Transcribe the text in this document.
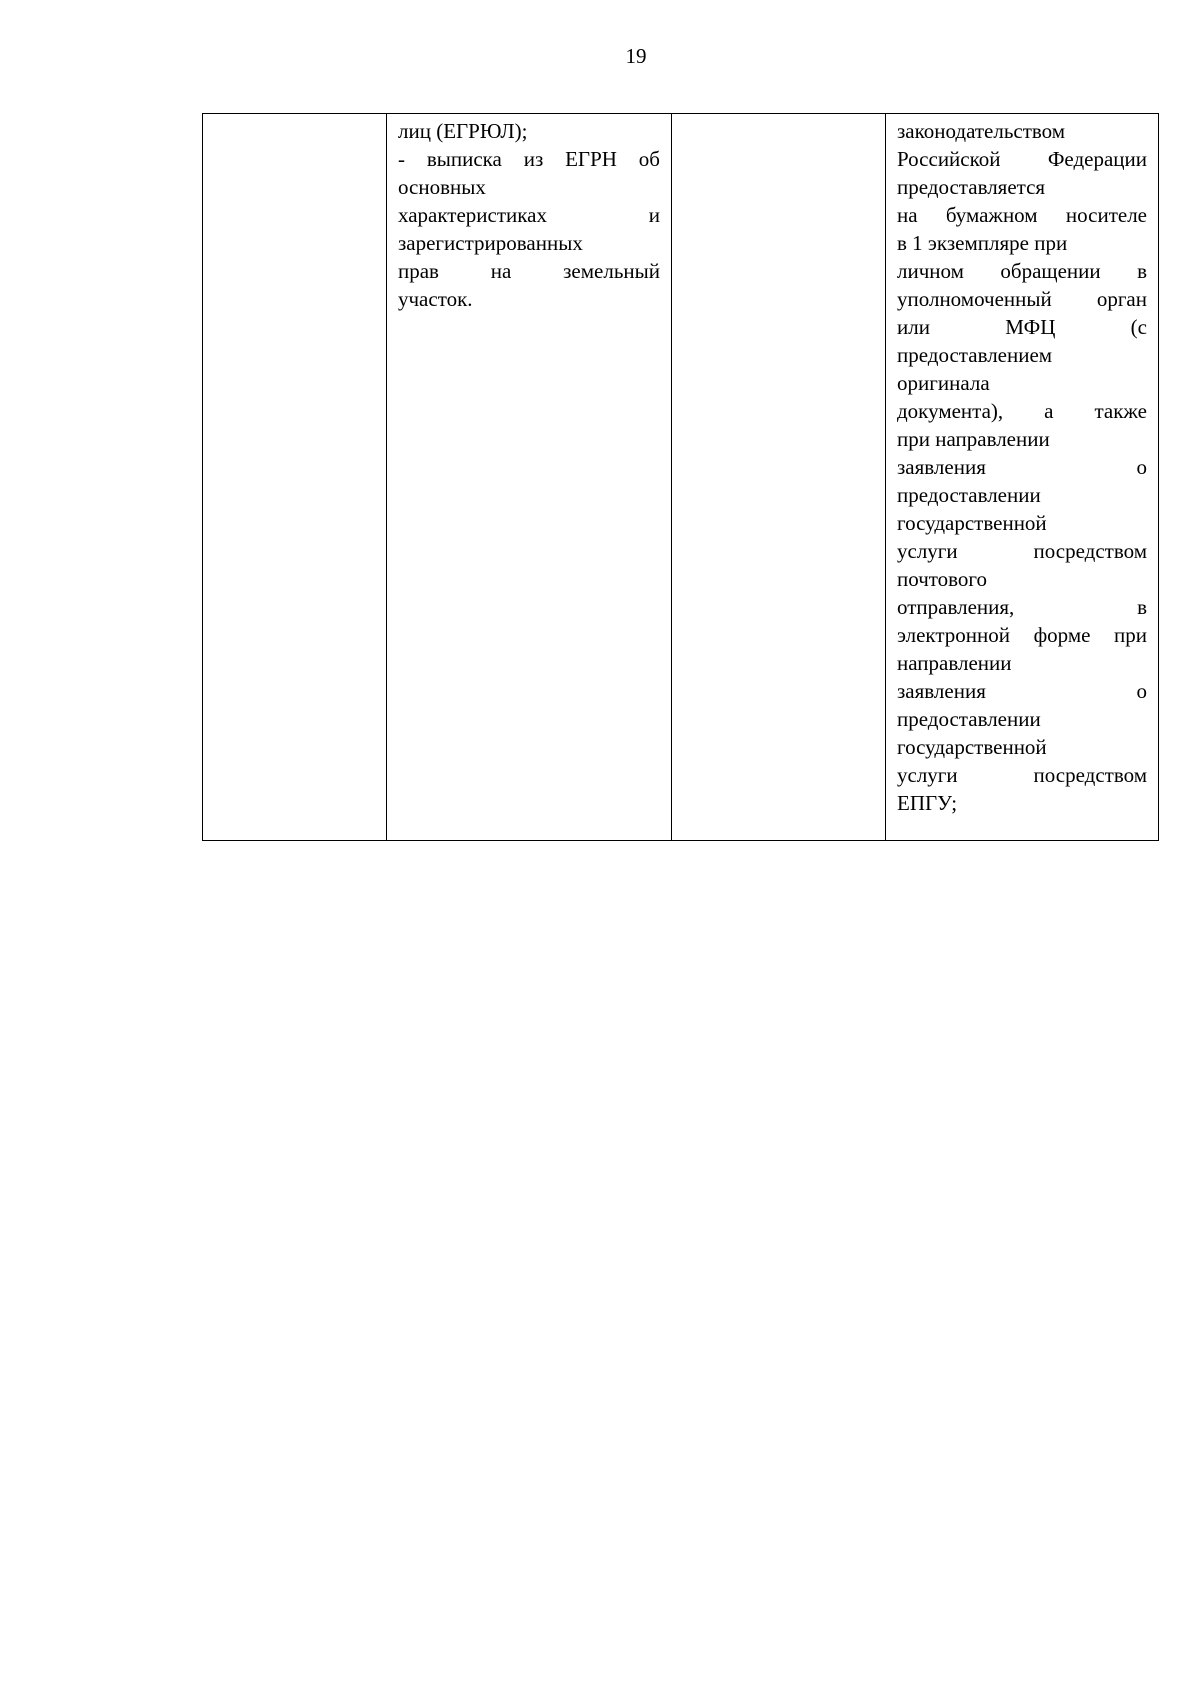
19

лиц (ЕГРЮЛ);
- выписка из ЕГРН об
основных
характеристиках	и
зарегистрированных
прав на земельный
участок.

законодательством
Российской Федерации
предоставляется
на бумажном носителе
в 1 экземпляре при
личном обращении в
уполномоченный орган
или	МФЦ	(с
предоставлением
оригинала
документа), а также
при направлении
заявления	о
предоставлении
государственной
услуги	посредством
почтового
отправления,	в
электронной форме при
направлении
заявления	о
предоставлении
государственной
услуги	посредством
ЕПГУ;
